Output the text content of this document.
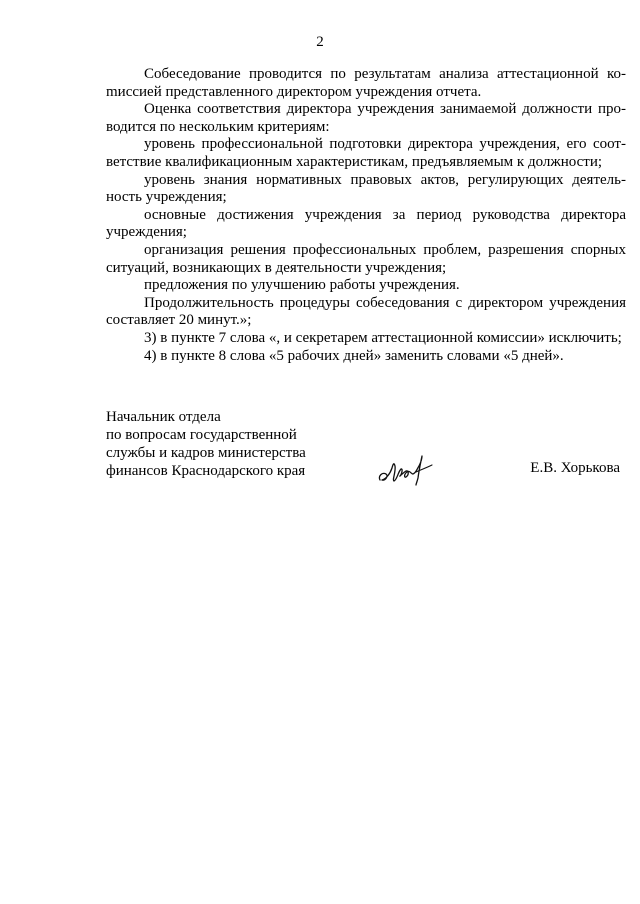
2

Собеседование проводится по результатам анализа аттестационной коmиссией представленного директором учреждения отчета.

Оценка соответствия директора учреждения занимаемой должности проводится по нескольким критериям:

уровень профессиональной подготовки директора учреждения, его соответствие квалификационным характеристикам, предъявляемым к должности;

уровень знания нормативных правовых актов, регулирующих деятельность учреждения;

основные достижения учреждения за период руководства директора учреждения;

организация решения профессиональных проблем, разрешения спорных ситуаций, возникающих в деятельности учреждения;

предложения по улучшению работы учреждения.

Продолжительность процедуры собеседования с директором учреждения составляет 20 минут.»;

3) в пункте 7 слова «, и секретарем аттестационной комиссии» исключить;

4) в пункте 8 слова «5 рабочих дней» заменить словами «5 дней».

Начальник отдела
по вопросам государственной
службы и кадров министерства
финансов Краснодарского края	Е.В. Хорькова
